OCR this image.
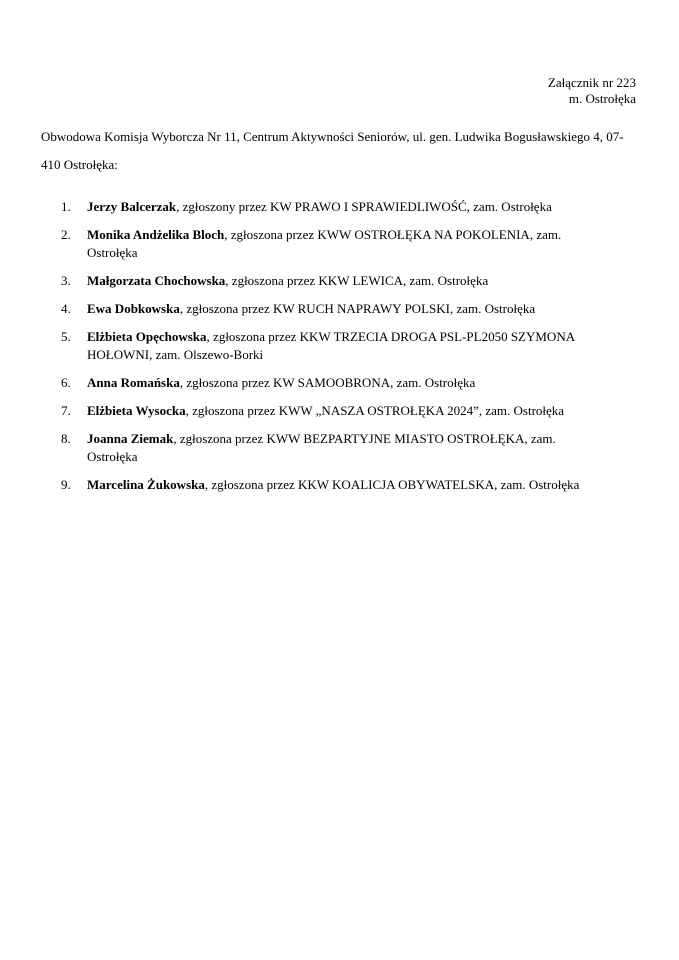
Załącznik nr 223
m. Ostrołęka
Obwodowa Komisja Wyborcza Nr 11, Centrum Aktywności Seniorów, ul. gen. Ludwika Bogusławskiego 4, 07-410 Ostrołęka:
1.	Jerzy Balcerzak, zgłoszony przez KW PRAWO I SPRAWIEDLIWOŚĆ, zam. Ostrołęka
2.	Monika Andżelika Bloch, zgłoszona przez KWW OSTROŁĘKA NA POKOLENIA, zam. Ostrołęka
3.	Małgorzata Chochowska, zgłoszona przez KKW LEWICA, zam. Ostrołęka
4.	Ewa Dobkowska, zgłoszona przez KW RUCH NAPRAWY POLSKI, zam. Ostrołęka
5.	Elżbieta Opęchowska, zgłoszona przez KKW TRZECIA DROGA PSL-PL2050 SZYMONA HOŁOWNI, zam. Olszewo-Borki
6.	Anna Romańska, zgłoszona przez KW SAMOOBRONA, zam. Ostrołęka
7.	Elżbieta Wysocka, zgłoszona przez KWW „NASZA OSTROŁĘKA 2024”, zam. Ostrołęka
8.	Joanna Ziemak, zgłoszona przez KWW BEZPARTYJNE MIASTO OSTROŁĘKA, zam. Ostrołęka
9.	Marcelina Żukowska, zgłoszona przez KKW KOALICJA OBYWATELSKA, zam. Ostrołęka
